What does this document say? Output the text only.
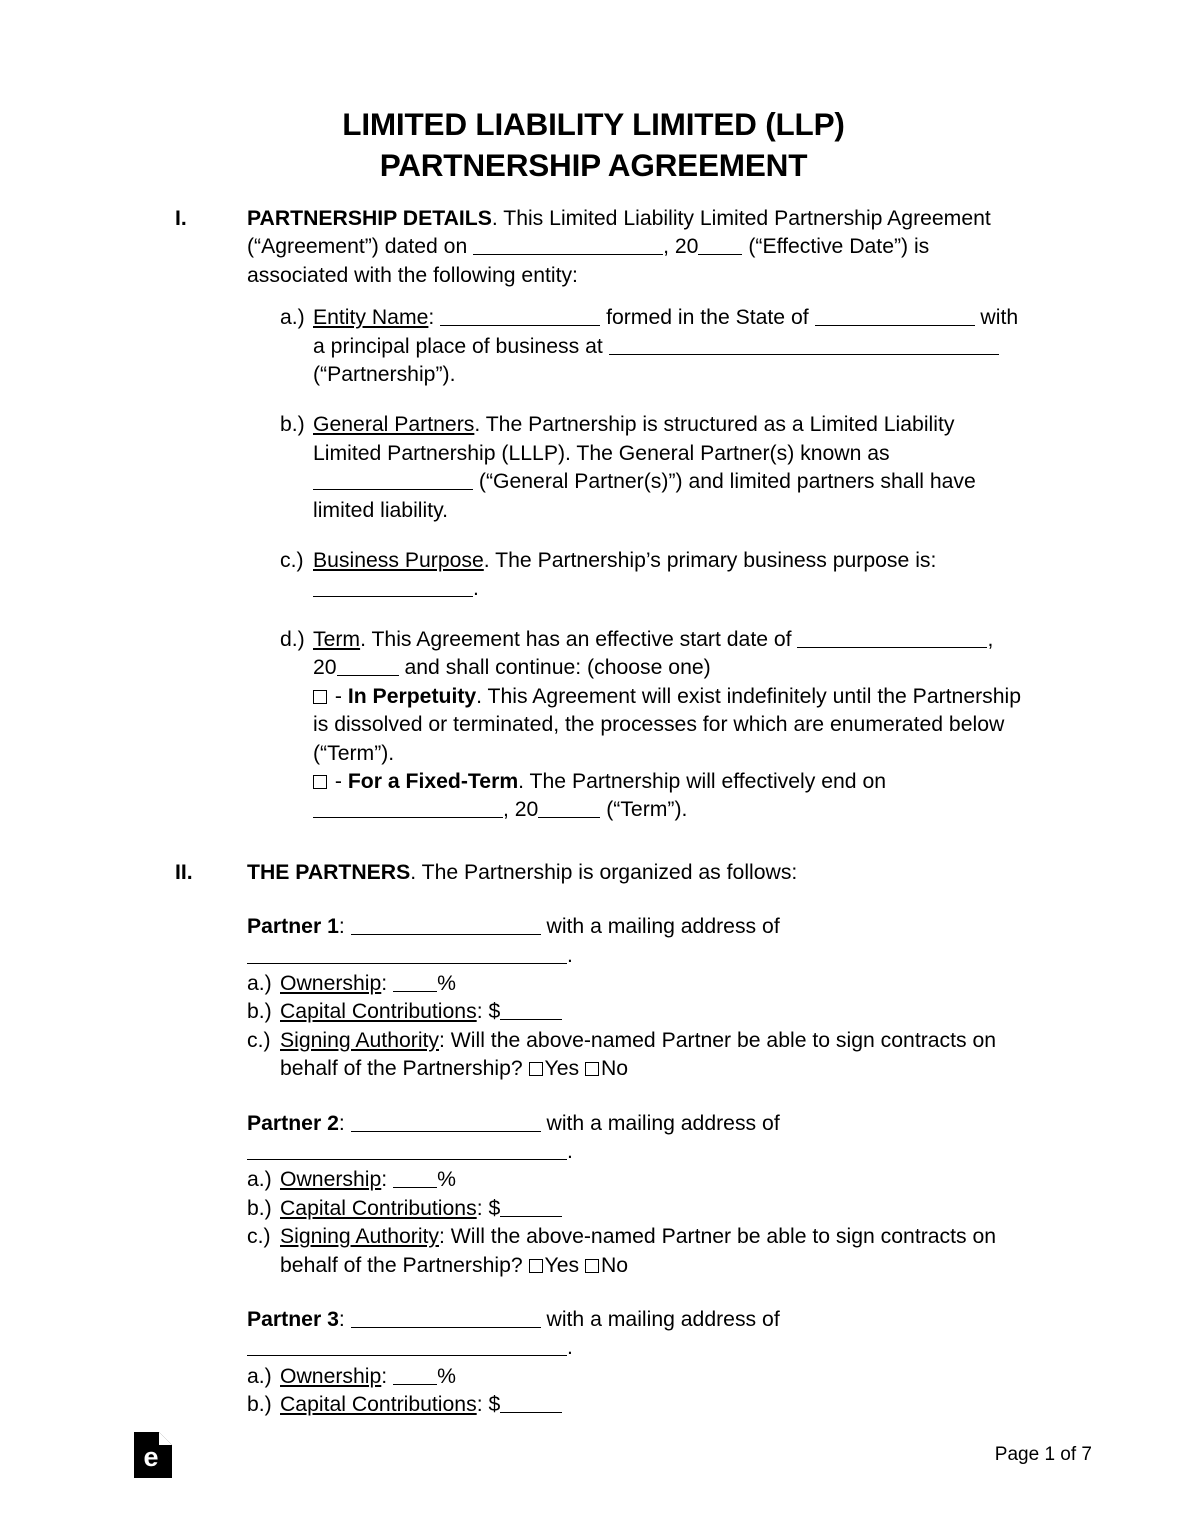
LIMITED LIABILITY LIMITED (LLP)
PARTNERSHIP AGREEMENT
I.	PARTNERSHIP DETAILS. This Limited Liability Limited Partnership Agreement (“Agreement”) dated on	, 20 (“Effective Date”) is associated with the following entity:
a.) Entity Name:	formed in the State of	with a principal place of business at  (“Partnership”).
b.) General Partners. The Partnership is structured as a Limited Liability Limited Partnership (LLLP). The General Partner(s) known as  (“General Partner(s)”) and limited partners shall have limited liability.
c.) Business Purpose. The Partnership’s primary business purpose is: .
d.) Term. This Agreement has an effective start date of	, 20	and shall continue: (choose one)
- In Perpetuity. This Agreement will exist indefinitely until the Partnership is dissolved or terminated, the processes for which are enumerated below (“Term”).
- For a Fixed-Term. The Partnership will effectively end on , 20	(“Term”).
II.	THE PARTNERS. The Partnership is organized as follows:
Partner 1:	with a mailing address of .
a.) Ownership: %
b.) Capital Contributions: $
c.) Signing Authority: Will the above-named Partner be able to sign contracts on behalf of the Partnership? Yes No
Partner 2:	with a mailing address of .
a.) Ownership: %
b.) Capital Contributions: $
c.) Signing Authority: Will the above-named Partner be able to sign contracts on behalf of the Partnership? Yes No
Partner 3:	with a mailing address of .
a.) Ownership: %
b.) Capital Contributions: $
e	Page 1 of 7
